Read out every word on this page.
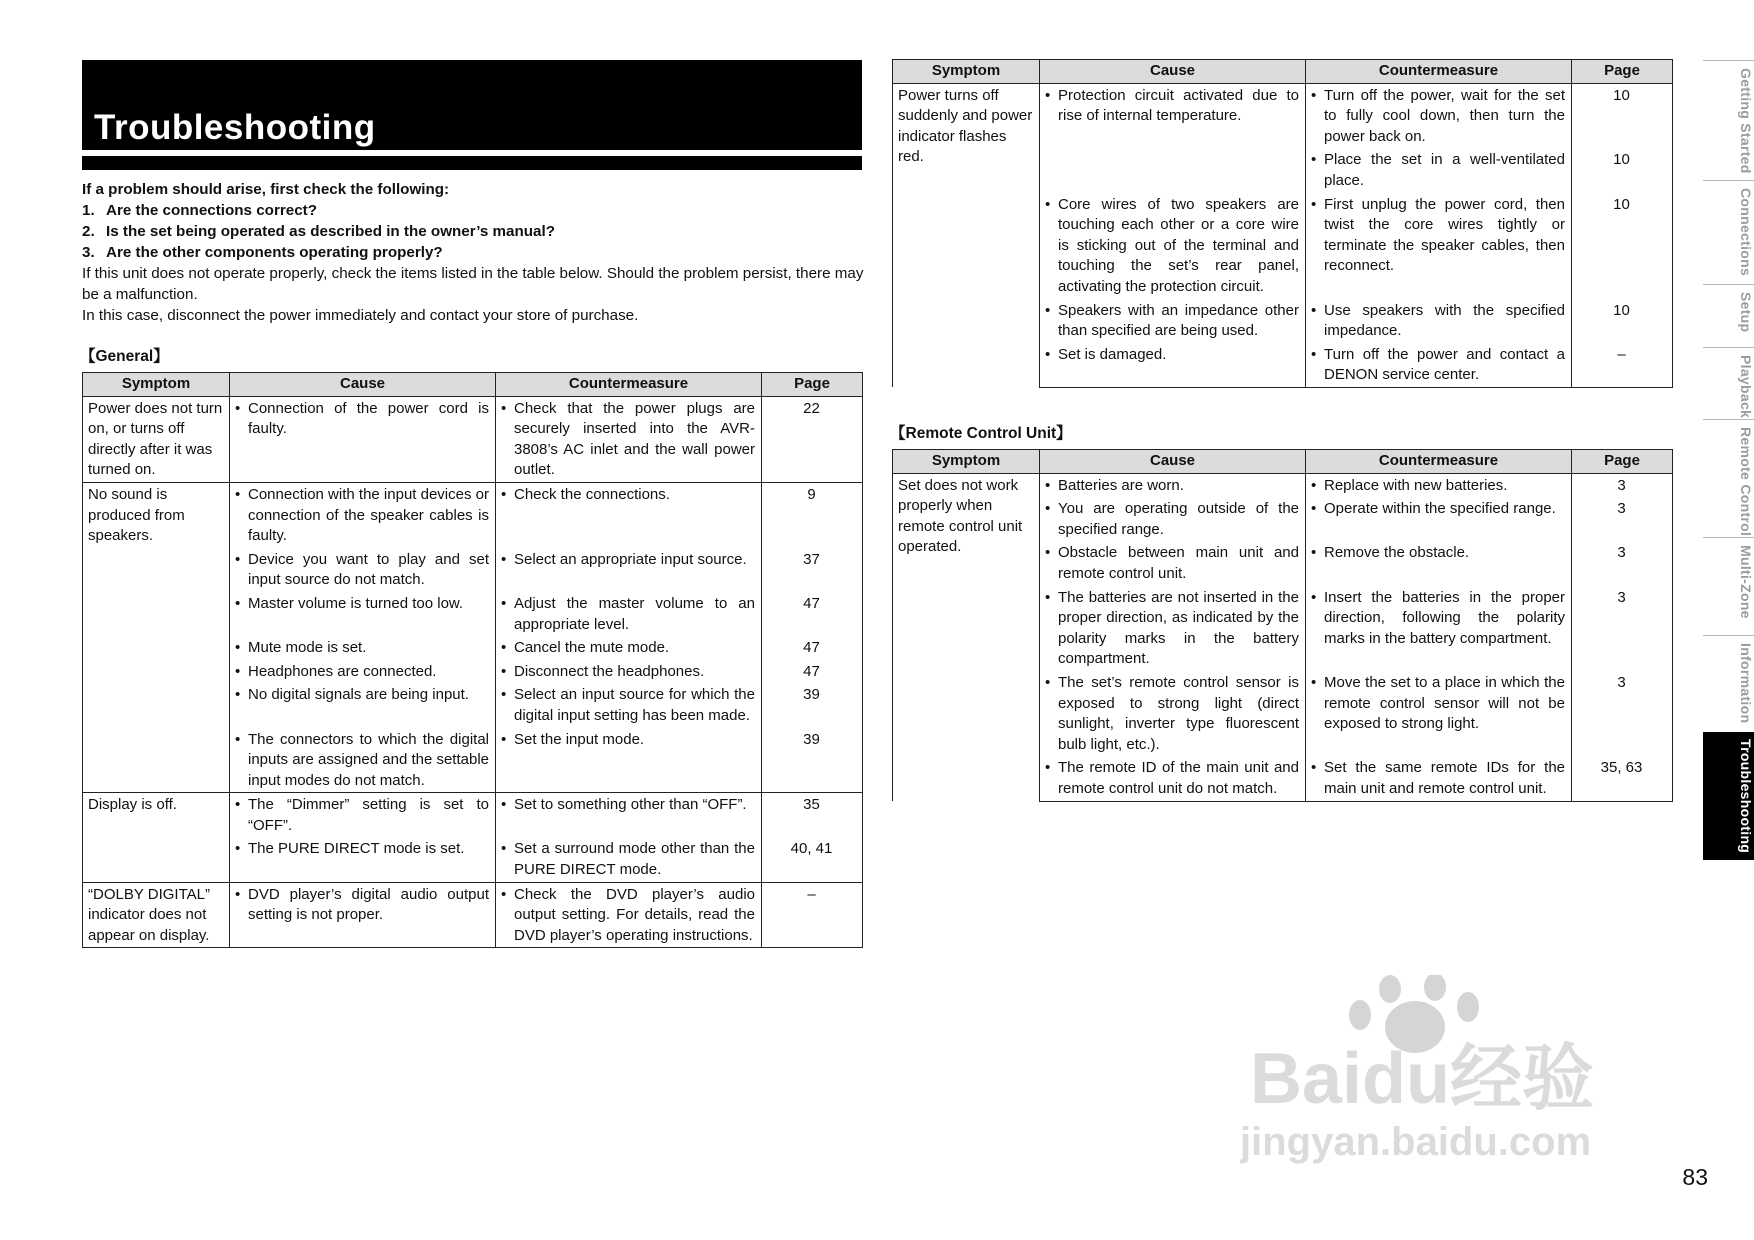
Troubleshooting
If a problem should arise, first check the following:
1. Are the connections correct?
2. Is the set being operated as described in the owner’s manual?
3. Are the other components operating properly?
If this unit does not operate properly, check the items listed in the table below. Should the problem persist, there may be a malfunction.
In this case, disconnect the power immediately and contact your store of purchase.
【General】
Symptom	Cause	Countermeasure	Page
Power does not turn on, or turns off directly after it was turned on.	• Connection of the power cord is faulty.	• Check that the power plugs are securely inserted into the AVR-3808’s AC inlet and the wall power outlet.	22
No sound is produced from speakers.	• Connection with the input devices or connection of the speaker cables is faulty.	• Check the connections.	9

	• Device you want to play and set input source do not match.	• Select an appropriate input source.	37

	• Master volume is turned too low.	• Adjust the master volume to an appropriate level.	47

	• Mute mode is set.	• Cancel the mute mode.	47

	• Headphones are connected.	• Disconnect the headphones.	47

	• No digital signals are being input.	• Select an input source for which the digital input setting has been made.	39

	• The connectors to which the digital inputs are assigned and the settable input modes do not match.	• Set the input mode.	39
Display is off.	• The “Dimmer” setting is set to “OFF”.	• Set to something other than “OFF”.	35

	• The PURE DIRECT mode is set.	• Set a surround mode other than the PURE DIRECT mode.	40, 41
“DOLBY DIGITAL” indicator does not appear on display.	• DVD player’s digital audio output setting is not proper.	• Check the DVD player’s audio output setting. For details, read the DVD player’s operating instructions.	–
Symptom	Cause	Countermeasure	Page
Power turns off suddenly and power indicator flashes red.	• Protection circuit activated due to rise of internal temperature.	• Turn off the power, wait for the set to fully cool down, then turn the power back on.	10

		• Place the set in a well-ventilated place.	10

	• Core wires of two speakers are touching each other or a core wire is sticking out of the terminal and touching the set’s rear panel, activating the protection circuit.	• First unplug the power cord, then twist the core wires tightly or terminate the speaker cables, then reconnect.	10

	• Speakers with an impedance other than specified are being used.	• Use speakers with the specified impedance.	10

	• Set is damaged.	• Turn off the power and contact a DENON service center.	–
【Remote Control Unit】
Symptom	Cause	Countermeasure	Page
Set does not work properly when remote control unit operated.	• Batteries are worn.	• Replace with new batteries.	3

	• You are operating outside of the specified range.	• Operate within the specified range.	3

	• Obstacle between main unit and remote control unit.	• Remove the obstacle.	3

	• The batteries are not inserted in the proper direction, as indicated by the polarity marks in the battery compartment.	• Insert the batteries in the proper direction, following the polarity marks in the battery compartment.	3

	• The set’s remote control sensor is exposed to strong light (direct sunlight, inverter type fluorescent bulb light, etc.).	• Move the set to a place in which the remote control sensor will not be exposed to strong light.	3

	• The remote ID of the main unit and remote control unit do not match.	• Set the same remote IDs for the main unit and remote control unit.	35, 63
Getting Started
Connections
Setup
Playback
Remote Control
Multi-Zone
Information
Troubleshooting
83
Baidu经验
jingyan.baidu.com
